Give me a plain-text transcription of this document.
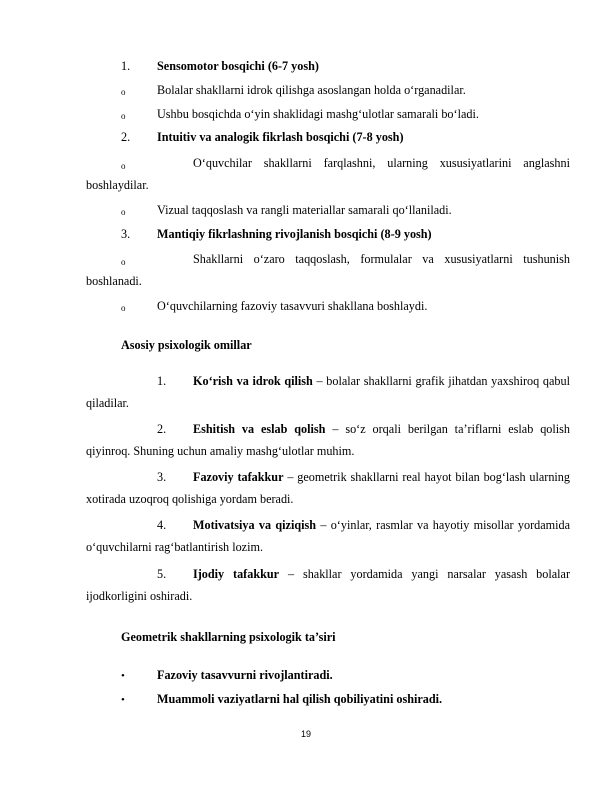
1. Sensomotor bosqichi (6-7 yosh)
o	Bolalar shakllarni idrok qilishga asoslangan holda o‘rganadilar.
o	Ushbu bosqichda o‘yin shaklidagi mashg‘ulotlar samarali bo‘ladi.
2. Intuitiv va analogik fikrlash bosqichi (7-8 yosh)
o	O‘quvchilar shakllarni farqlashni, ularning xususiyatlarini anglashni boshlaydilar.
o	Vizual taqqoslash va rangli materiallar samarali qo‘llaniladi.
3. Mantiqiy fikrlashning rivojlanish bosqichi (8-9 yosh)
o	Shakllarni o‘zaro taqqoslash, formulalar va xususiyatlarni tushunish boshlanadi.
o	O‘quvchilarning fazoviy tasavvuri shakllana boshlaydi.
Asosiy psixologik omillar
1. Ko‘rish va idrok qilish – bolalar shakllarni grafik jihatdan yaxshiroq qabul qiladilar.
2. Eshitish va eslab qolish – so‘z orqali berilgan ta’riflarni eslab qolish qiyinroq. Shuning uchun amaliy mashg‘ulotlar muhim.
3. Fazoviy tafakkur – geometrik shakllarni real hayot bilan bog‘lash ularning xotirada uzoqroq qolishiga yordam beradi.
4. Motivatsiya va qiziqish – o‘yinlar, rasmlar va hayotiy misollar yordamida o‘quvchilarni rag‘batlantirish lozim.
5. Ijodiy tafakkur – shakllar yordamida yangi narsalar yasash bolalar ijodkorligini oshiradi.
Geometrik shakllarning psixologik ta’siri
•	Fazoviy tasavvurni rivojlantiradi.
•	Muammoli vaziyatlarni hal qilish qobiliyatini oshiradi.
19
